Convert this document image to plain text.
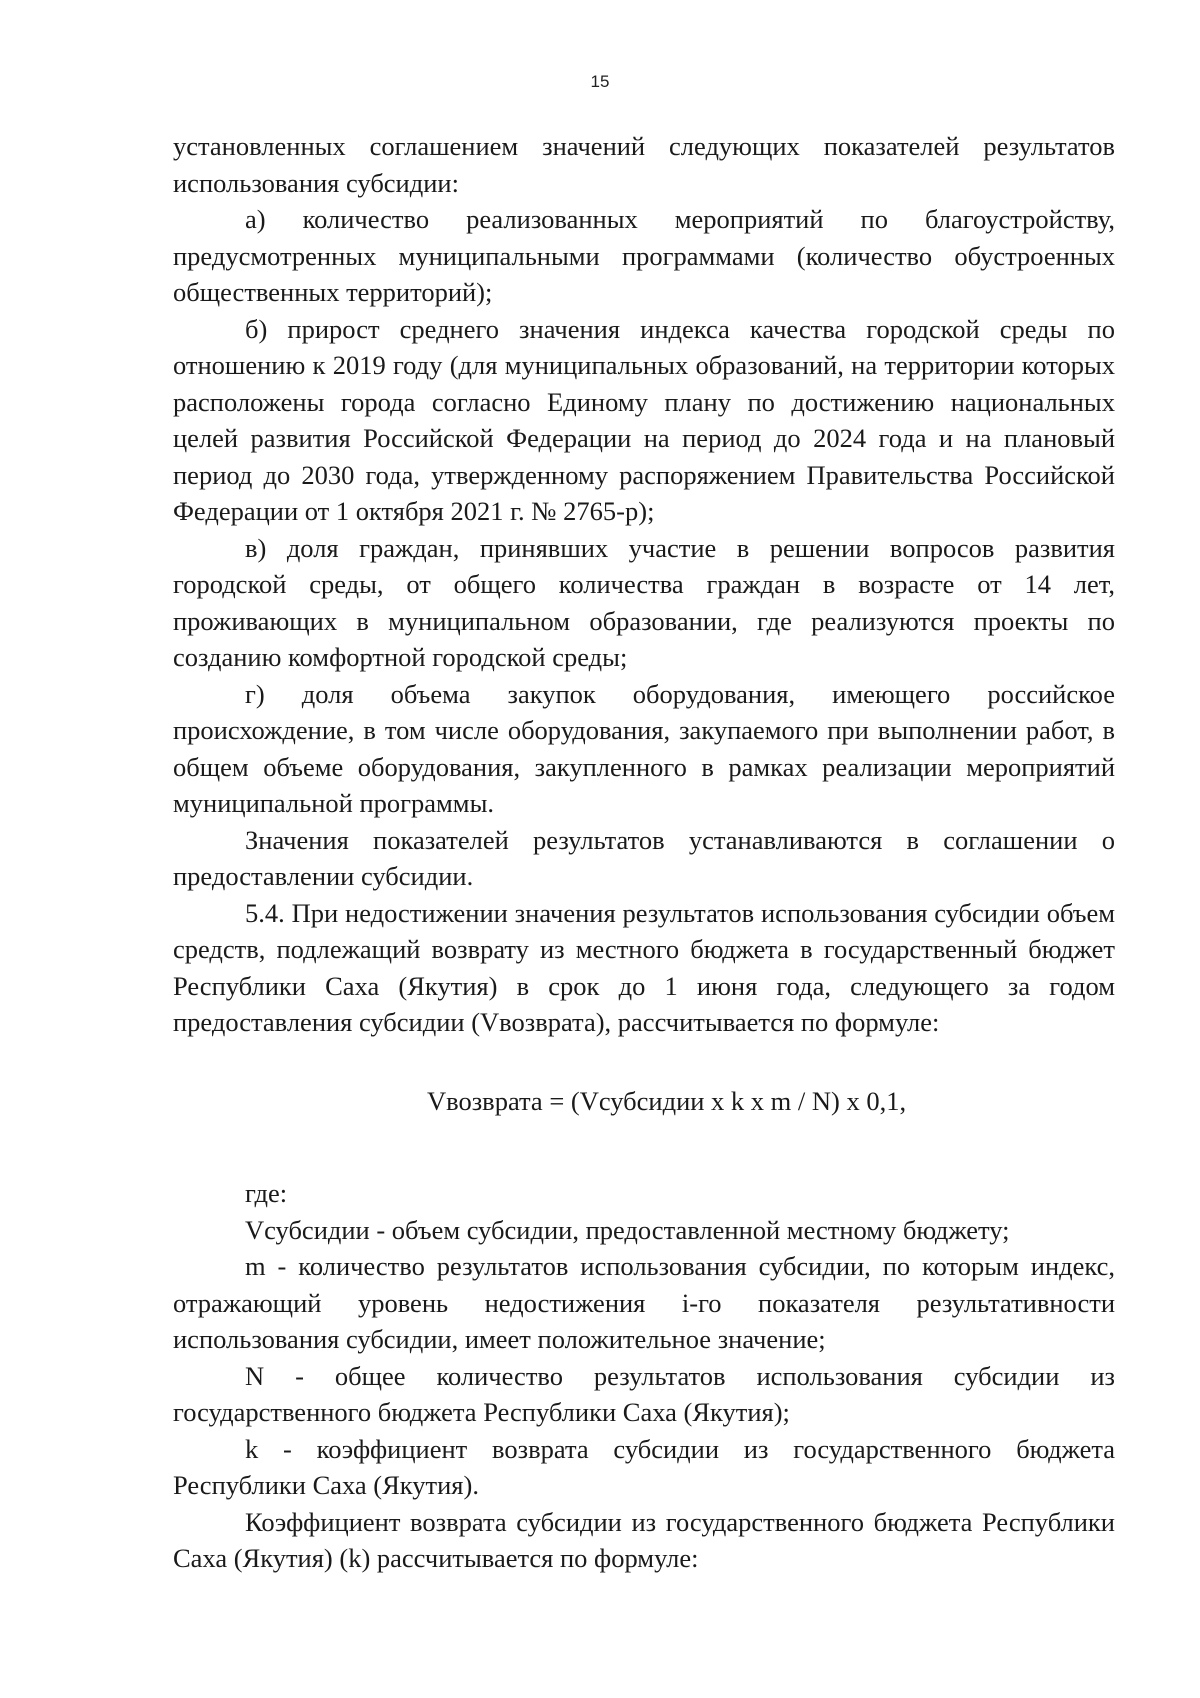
15

установленных соглашением значений следующих показателей результатов использования субсидии:

а) количество реализованных мероприятий по благоустройству, предусмотренных муниципальными программами (количество обустроенных общественных территорий);

б) прирост среднего значения индекса качества городской среды по отношению к 2019 году (для муниципальных образований, на территории которых расположены города согласно Единому плану по достижению национальных целей развития Российской Федерации на период до 2024 года и на плановый период до 2030 года, утвержденному распоряжением Правительства Российской Федерации от 1 октября 2021 г. № 2765-р);

в) доля граждан, принявших участие в решении вопросов развития городской среды, от общего количества граждан в возрасте от 14 лет, проживающих в муниципальном образовании, где реализуются проекты по созданию комфортной городской среды;

г) доля объема закупок оборудования, имеющего российское происхождение, в том числе оборудования, закупаемого при выполнении работ, в общем объеме оборудования, закупленного в рамках реализации мероприятий муниципальной программы.

Значения показателей результатов устанавливаются в соглашении о предоставлении субсидии.

5.4. При недостижении значения результатов использования субсидии объем средств, подлежащий возврату из местного бюджета в государственный бюджет Республики Саха (Якутия) в срок до 1 июня года, следующего за годом предоставления субсидии (Vвозврата), рассчитывается по формуле:

Vвозврата = (Vсубсидии x k x m / N) x 0,1,

где:

Vсубсидии - объем субсидии, предоставленной местному бюджету;

m - количество результатов использования субсидии, по которым индекс, отражающий уровень недостижения i-го показателя результативности использования субсидии, имеет положительное значение;

N - общее количество результатов использования субсидии из государственного бюджета Республики Саха (Якутия);

k - коэффициент возврата субсидии из государственного бюджета Республики Саха (Якутия).

Коэффициент возврата субсидии из государственного бюджета Республики Саха (Якутия) (k) рассчитывается по формуле:
